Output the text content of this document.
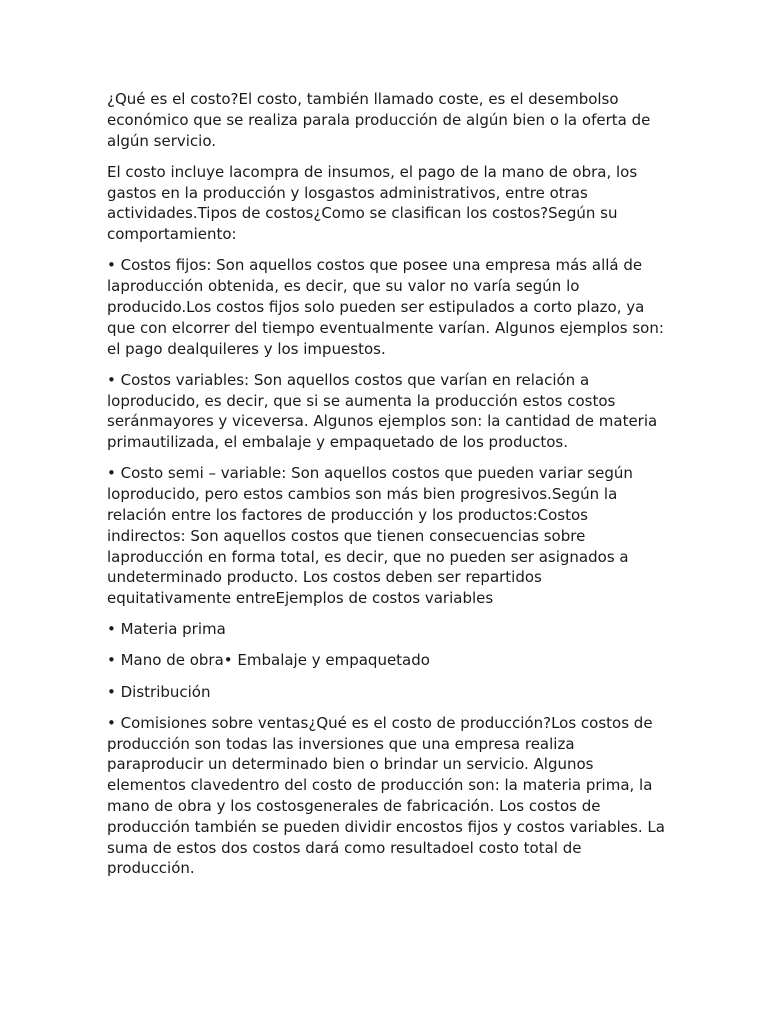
¿Qué es el costo?El costo, también llamado coste, es el desembolso económico que se realiza parala producción de algún bien o la oferta de algún servicio.

El costo incluye lacompra de insumos, el pago de la mano de obra, los gastos en la producción y losgastos administrativos, entre otras actividades.Tipos de costos¿Como se clasifican los costos?Según su comportamiento:

• Costos fijos: Son aquellos costos que posee una empresa más allá de laproducción obtenida, es decir, que su valor no varía según lo producido.Los costos fijos solo pueden ser estipulados a corto plazo, ya que con elcorrer del tiempo eventualmente varían. Algunos ejemplos son: el pago dealquileres y los impuestos.

• Costos variables: Son aquellos costos que varían en relación a loproducido, es decir, que si se aumenta la producción estos costos seránmayores y viceversa. Algunos ejemplos son: la cantidad de materia primautilizada, el embalaje y empaquetado de los productos.

• Costo semi – variable: Son aquellos costos que pueden variar según loproducido, pero estos cambios son más bien progresivos.Según la relación entre los factores de producción y los productos:Costos indirectos: Son aquellos costos que tienen consecuencias sobre laproducción en forma total, es decir, que no pueden ser asignados a undeterminado producto. Los costos deben ser repartidos equitativamente entreEjemplos de costos variables

• Materia prima

• Mano de obra• Embalaje y empaquetado

• Distribución

• Comisiones sobre ventas¿Qué es el costo de producción?Los costos de producción son todas las inversiones que una empresa realiza paraproducir un determinado bien o brindar un servicio. Algunos elementos clavedentro del costo de producción son: la materia prima, la mano de obra y los costosgenerales de fabricación. Los costos de producción también se pueden dividir encostos fijos y costos variables. La suma de estos dos costos dará como resultadoel costo total de producción.
